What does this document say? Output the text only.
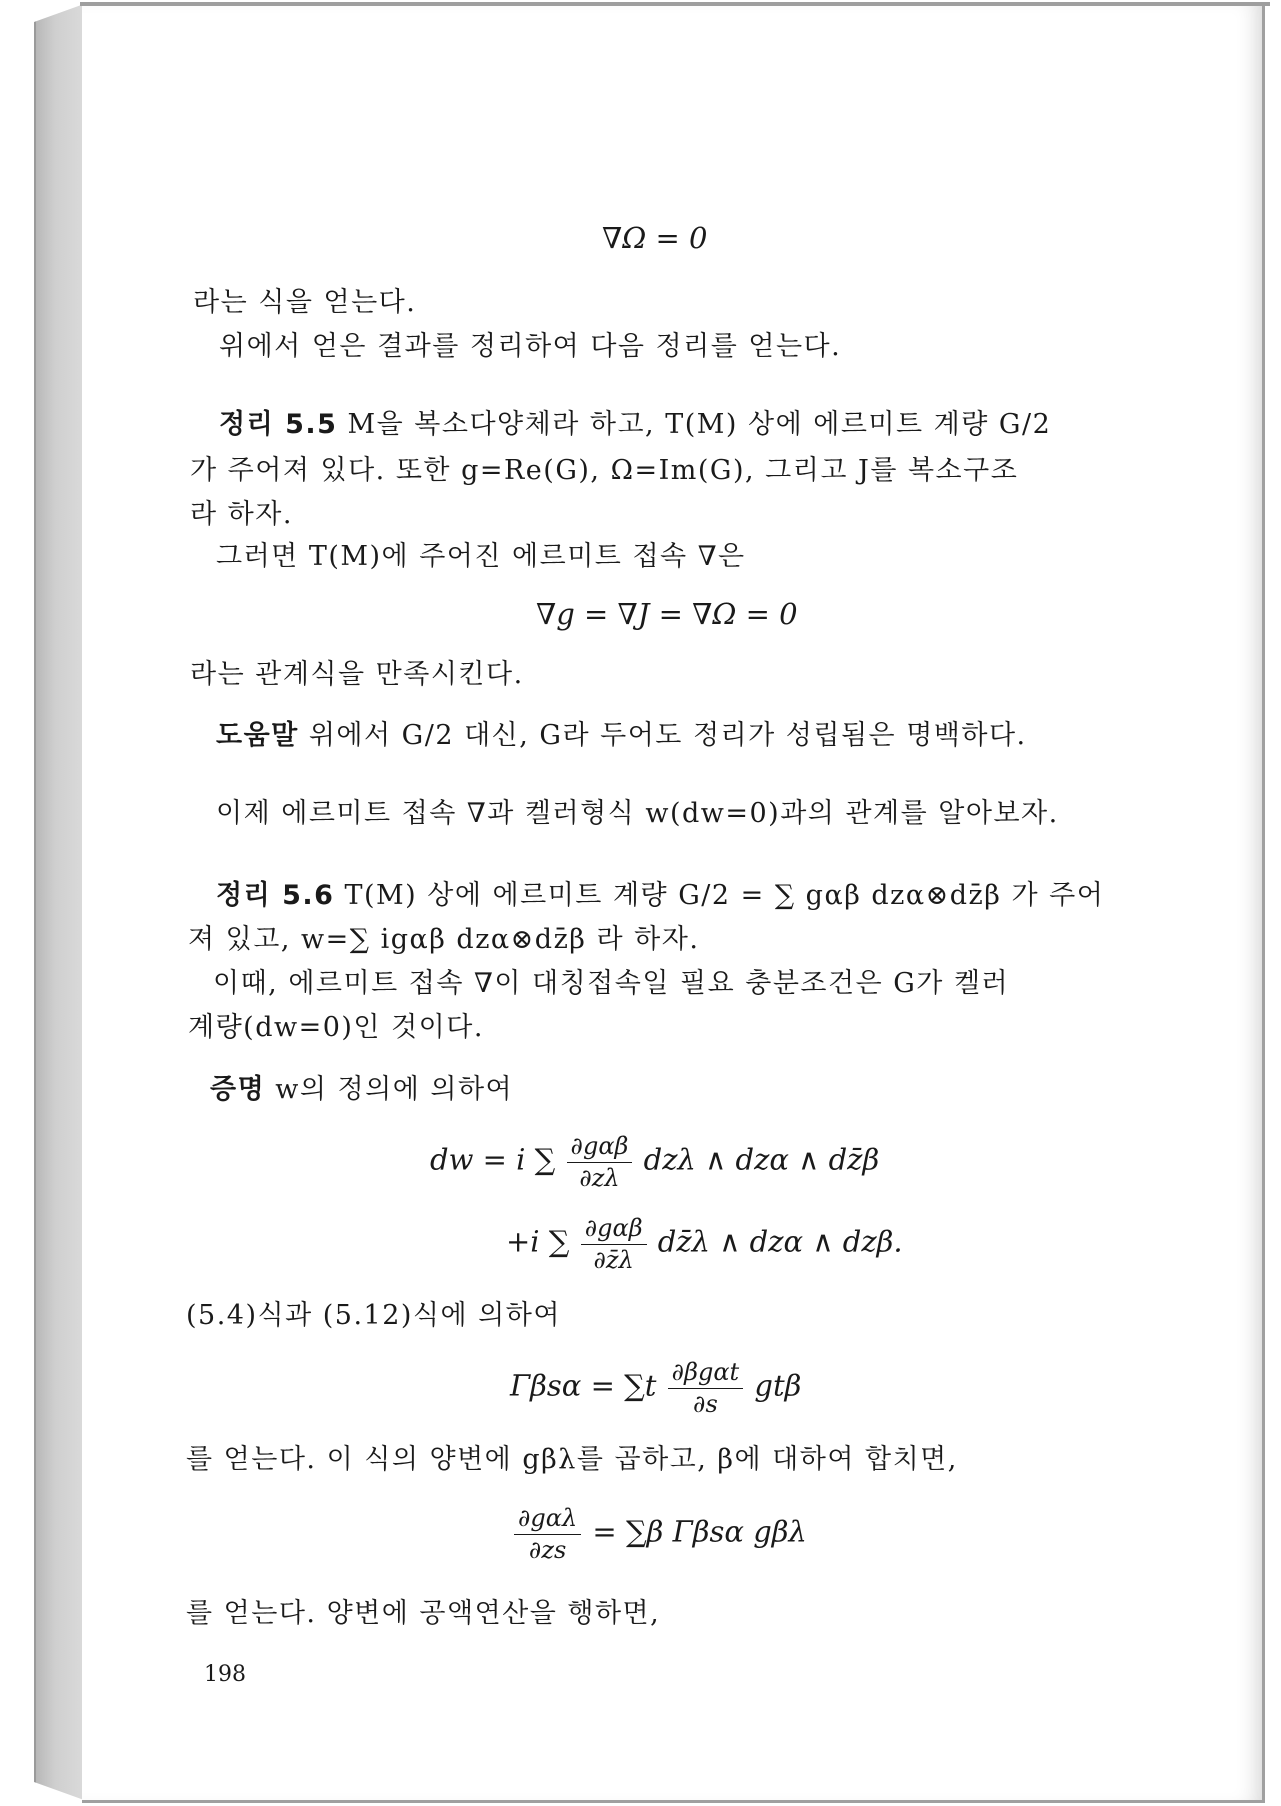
∇Ω = 0
라는 식을 얻는다.
위에서 얻은 결과를 정리하여 다음 정리를 얻는다.
정리 5.5 M을 복소다양체라 하고, T(M) 상에 에르미트 계량 G/2
가 주어져 있다. 또한 g=Re(G), Ω=Im(G), 그리고 J를 복소구조
라 하자.
그러면 T(M)에 주어진 에르미트 접속 ∇은
∇g = ∇J = ∇Ω = 0
라는 관계식을 만족시킨다.
도움말 위에서 G/2 대신, G라 두어도 정리가 성립됨은 명백하다.
이제 에르미트 접속 ∇과 켈러형식 w(dw=0)과의 관계를 알아보자.
정리 5.6 T(M) 상에 에르미트 계량 G/2 = ∑ gαβ dzα⊗dz̄β 가 주어
져 있고, w=∑ igαβ dzα⊗dz̄β 라 하자.
이때, 에르미트 접속 ∇이 대칭접속일 필요 충분조건은 G가 켈러
계량(dw=0)인 것이다.
증명 w의 정의에 의하여
dw = i ∑ $\frac{\text{∂gαβ}}{\partial z\lambda}$ dzλ ∧ dzα ∧ dz̄β
+i ∑ $\frac{\text{∂gαβ}}{\partial z̄\lambda}$ dz̄λ ∧ dzα ∧ dzβ.
(5.4)식과 (5.12)식에 의하여
$\Gamma\beta s\alpha = \sum t \frac{\text{∂βgαt}}{\partial s}$ gtβ
를 얻는다. 이 식의 양변에 gβλ를 곱하고, β에 대하여 합치면,
$\frac{\text{∂gαλ}}{\partial zs} = \sum\beta$ Γβsα gβλ
를 얻는다. 양변에 공액연산을 행하면,
198
